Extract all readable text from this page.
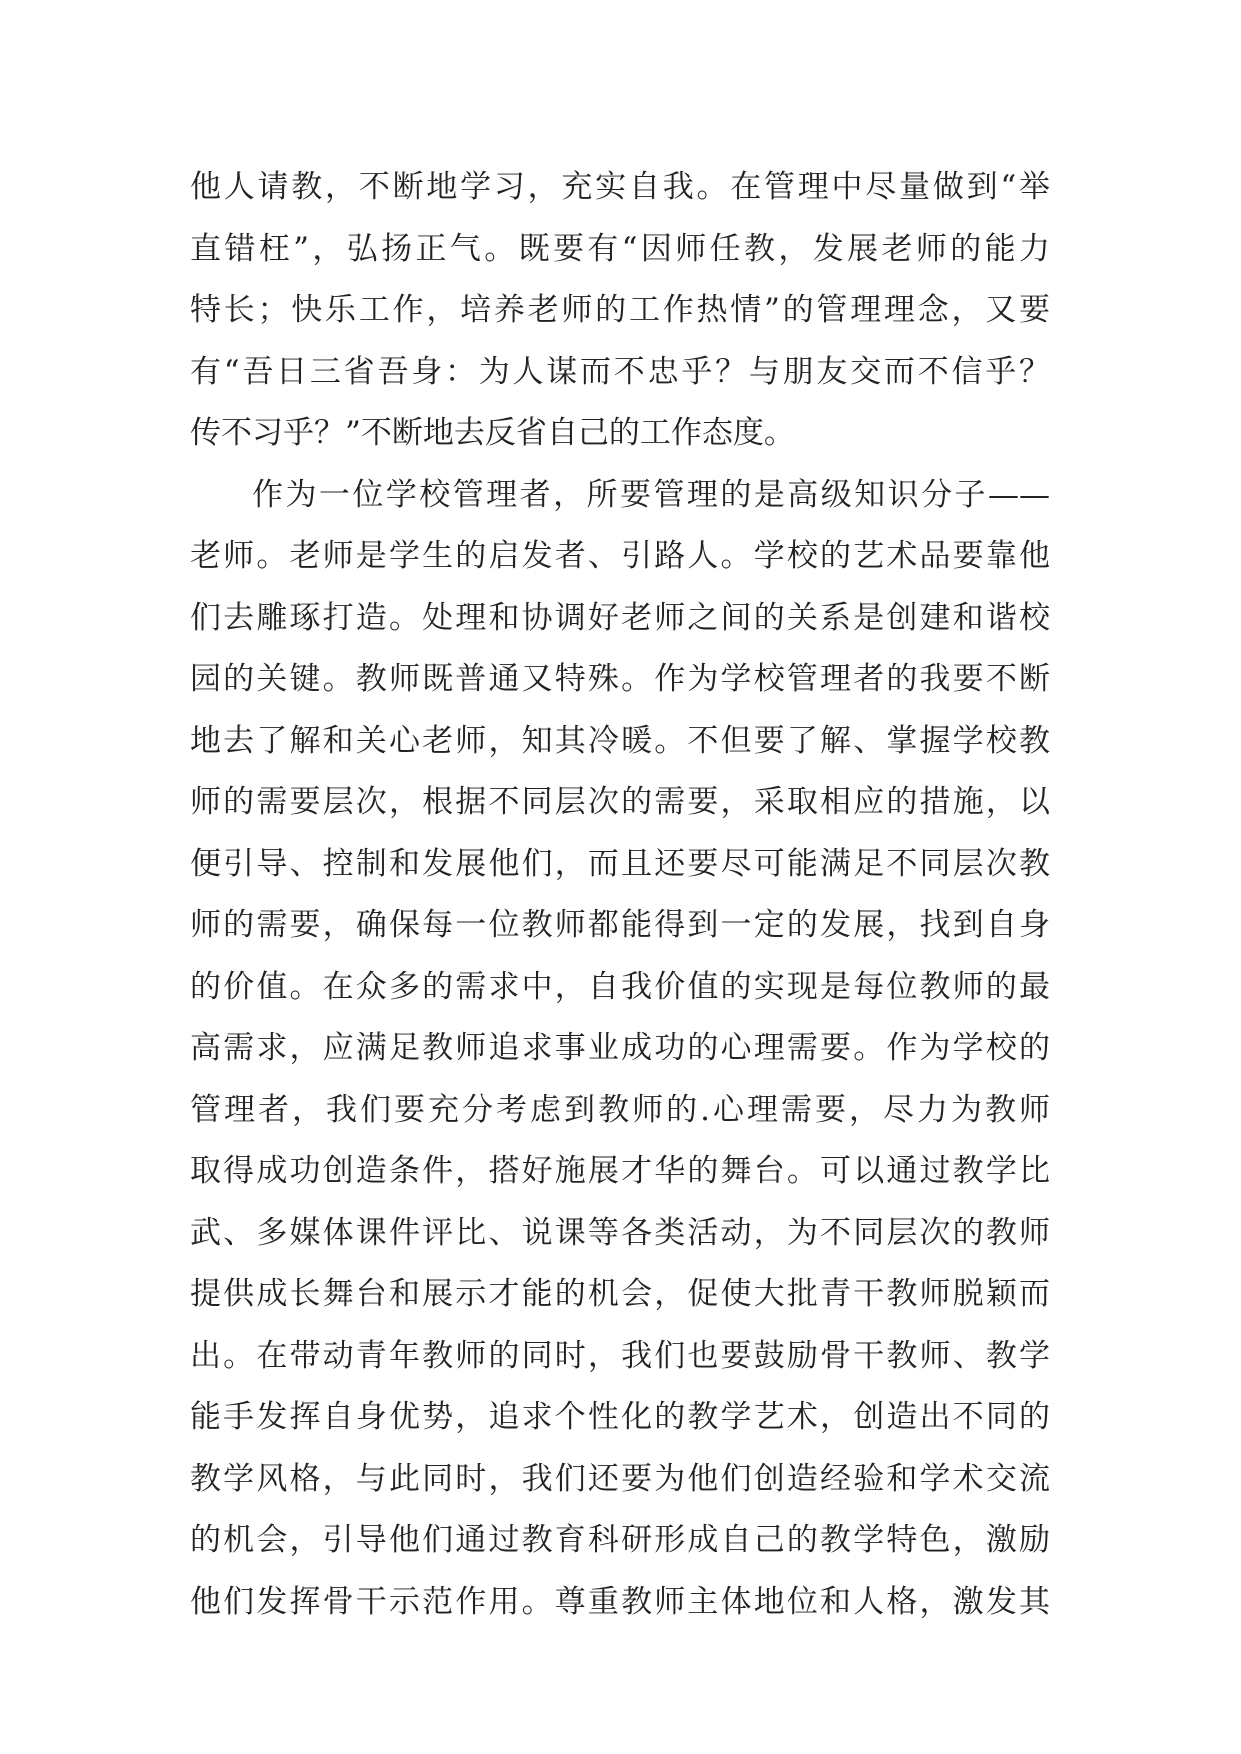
他人请教，不断地学习，充实自我。在管理中尽量做到“举
直错枉”，弘扬正气。既要有“因师任教，发展老师的能力
特长；快乐工作，培养老师的工作热情”的管理理念，又要
有“吾日三省吾身：为人谋而不忠乎？与朋友交而不信乎？
传不习乎？”不断地去反省自己的工作态度。
作为一位学校管理者，所要管理的是高级知识分子——
老师。老师是学生的启发者、引路人。学校的艺术品要靠他
们去雕琢打造。处理和协调好老师之间的关系是创建和谐校
园的关键。教师既普通又特殊。作为学校管理者的我要不断
地去了解和关心老师，知其冷暖。不但要了解、掌握学校教
师的需要层次，根据不同层次的需要，采取相应的措施，以
便引导、控制和发展他们，而且还要尽可能满足不同层次教
师的需要，确保每一位教师都能得到一定的发展，找到自身
的价值。在众多的需求中，自我价值的实现是每位教师的最
高需求，应满足教师追求事业成功的心理需要。作为学校的
管理者，我们要充分考虑到教师的.心理需要，尽力为教师
取得成功创造条件，搭好施展才华的舞台。可以通过教学比
武、多媒体课件评比、说课等各类活动，为不同层次的教师
提供成长舞台和展示才能的机会，促使大批青干教师脱颖而
出。在带动青年教师的同时，我们也要鼓励骨干教师、教学
能手发挥自身优势，追求个性化的教学艺术，创造出不同的
教学风格，与此同时，我们还要为他们创造经验和学术交流
的机会，引导他们通过教育科研形成自己的教学特色，激励
他们发挥骨干示范作用。尊重教师主体地位和人格，激发其
